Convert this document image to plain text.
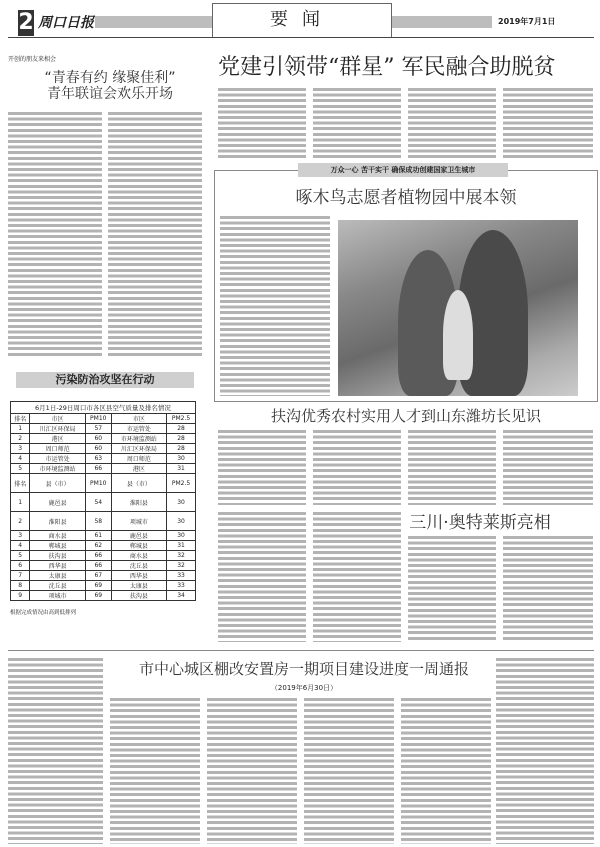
2 周口日报	要闻	2019年7月1日
开创的朋友来相会
“青春有约 缘聚佳利”
青年联谊会欢乐开场
污染防治攻坚在行动
6月1日-29日周口市各区县空气质量及排名情况
排名	市区	PM10	市区	PM2.5
1	川汇区环保局	57	市运管处	28
2	港区	60	市环境监测站	28
3	周口师范	60	川汇区环保局	28
4	市运管处	63	周口师范	30
5	市环境监测站	66	港区	31
排名	县（市）	PM10	县（市）	PM2.5
1	鹿邑县	54	淮阳县	30
2	淮阳县	58	项城市	30
3	商水县	61	鹿邑县	30
4	郸城县	62	郸城县	31
5	扶沟县	66	商水县	32
6	西华县	66	沈丘县	32
7	太康县	67	西华县	33
8	沈丘县	69	太康县	33
9	项城市	69	扶沟县	34
根据完成情况由高到低排列
党建引领带“群星” 军民融合助脱贫
万众一心 苦干实干 确保成功创建国家卫生城市
啄木鸟志愿者植物园中展本领
扶沟优秀农村实用人才到山东潍坊长见识
三川·奥特莱斯亮相
市中心城区棚改安置房一期项目建设进度一周通报
（2019年6月30日）
